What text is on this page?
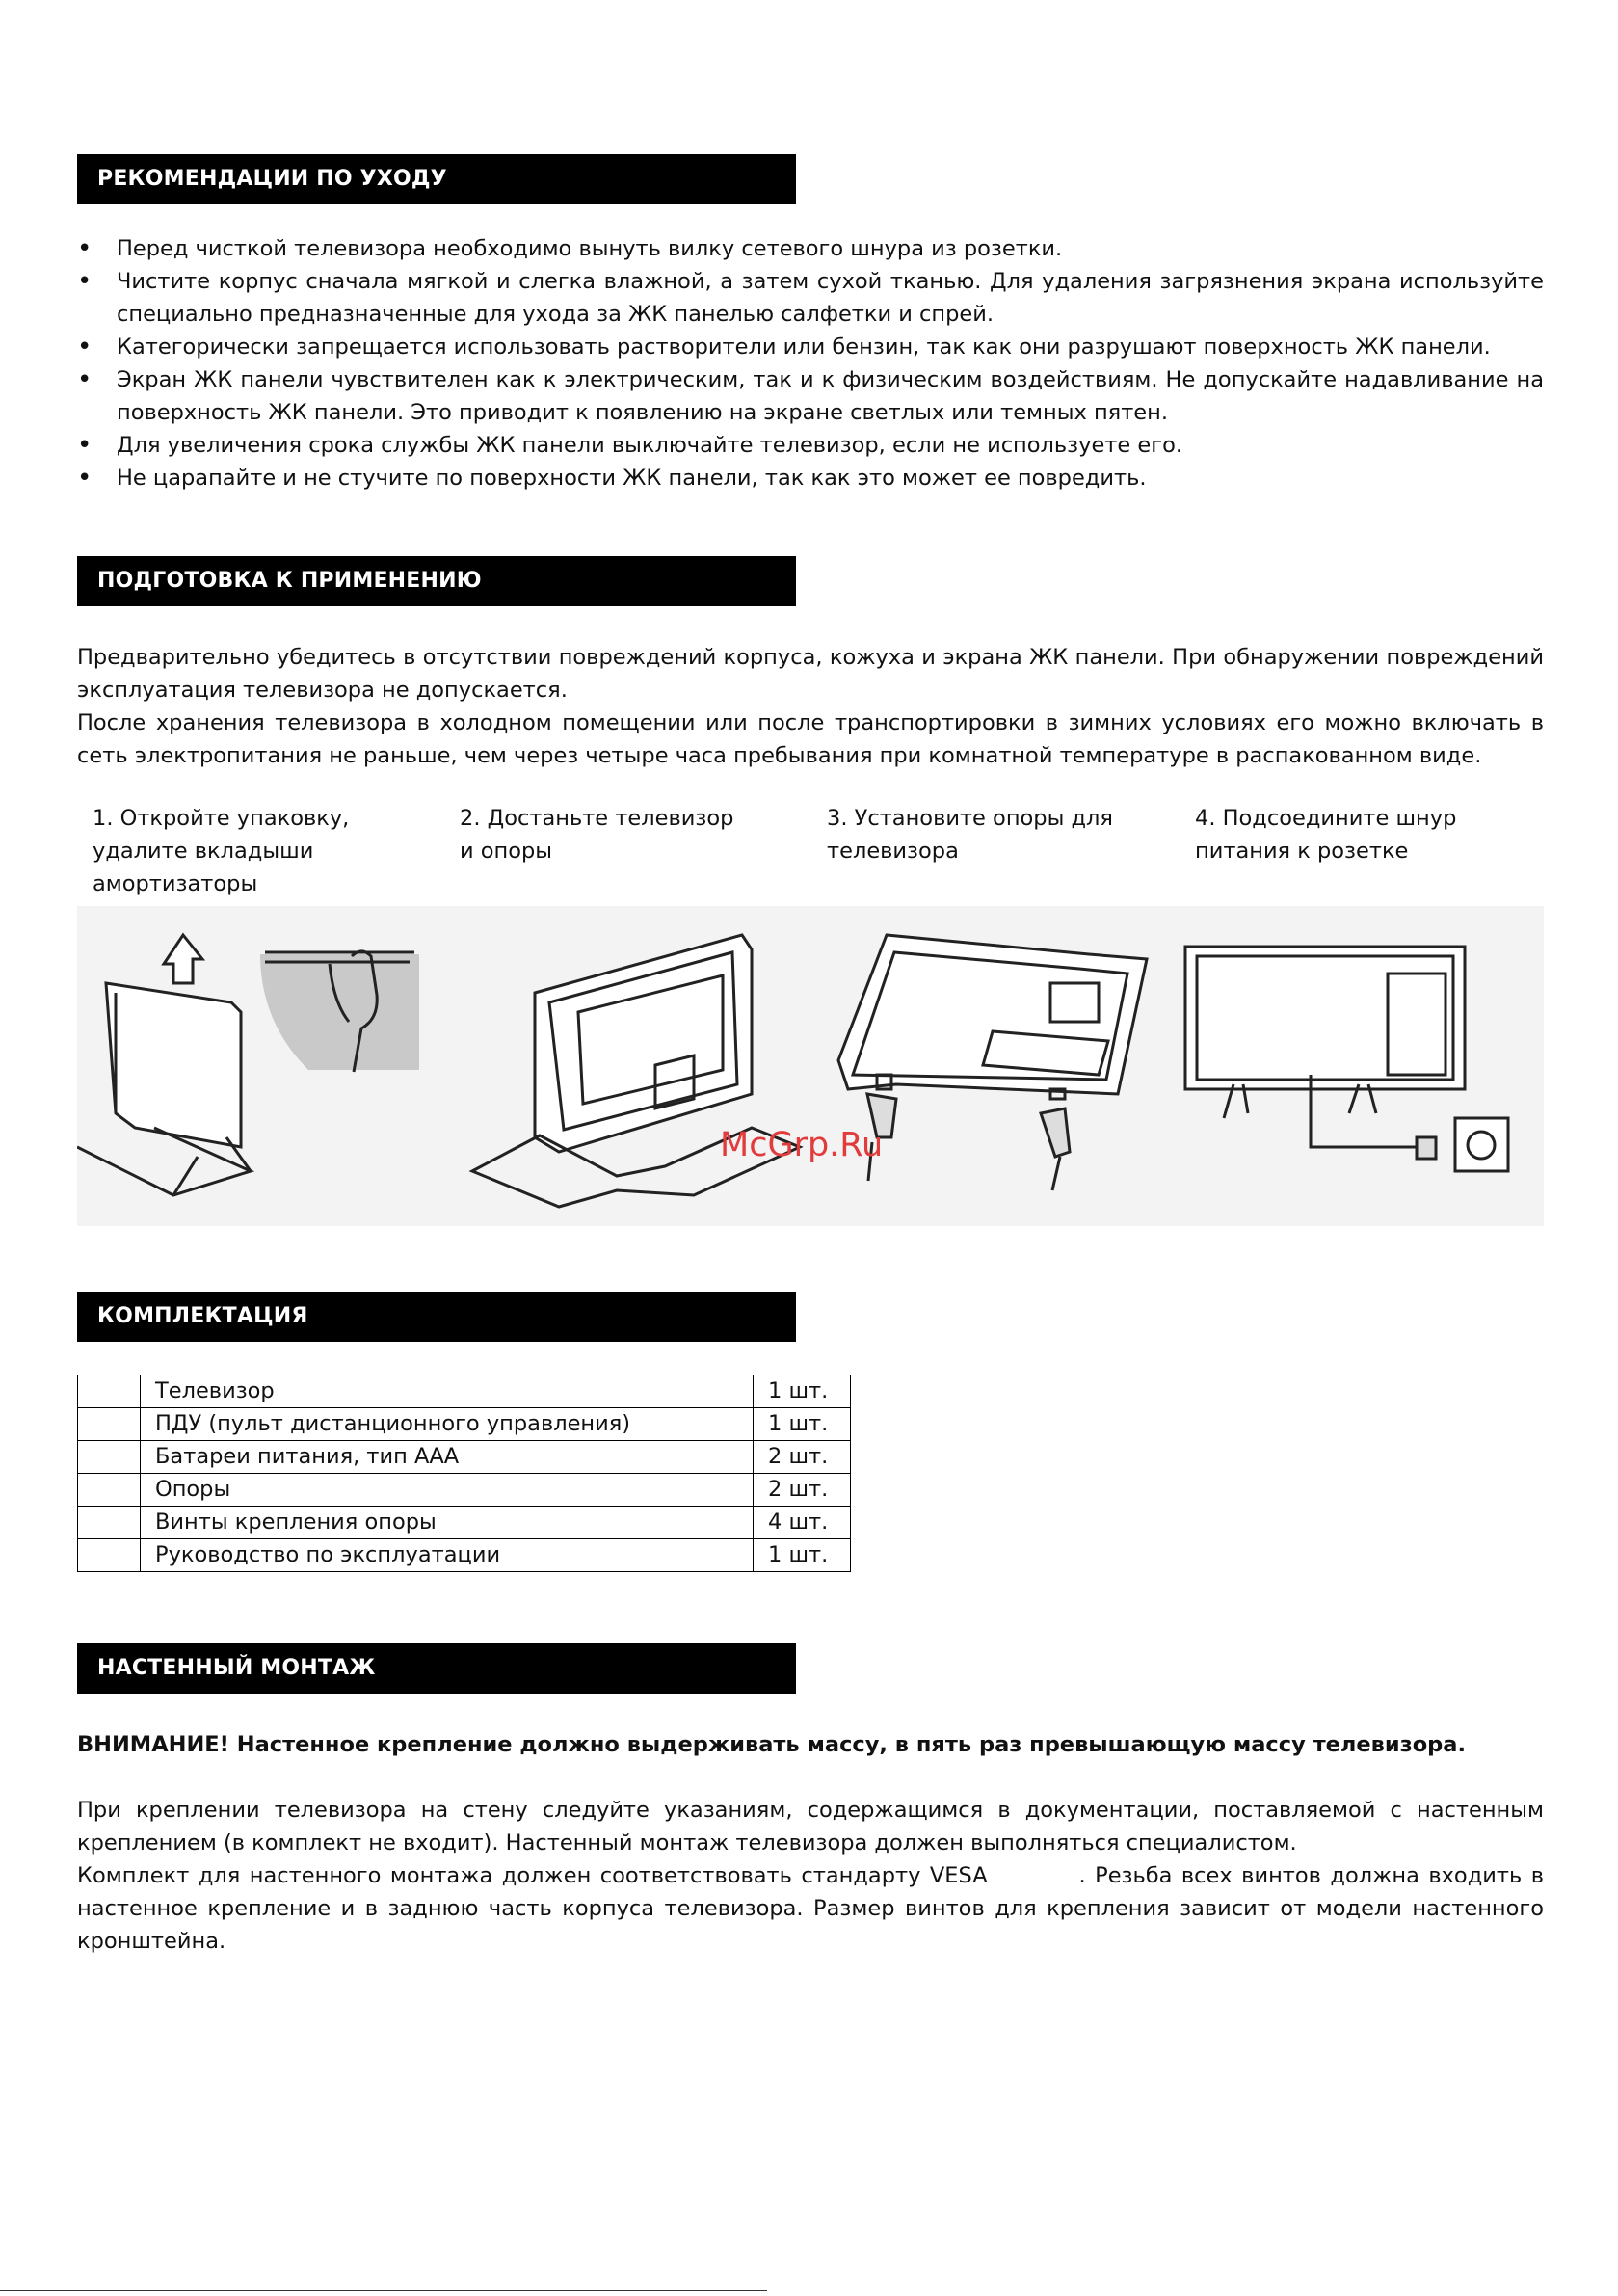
РЕКОМЕНДАЦИИ ПО УХОДУ
• Перед чисткой телевизора необходимо вынуть вилку сетевого шнура из розетки.
• Чистите корпус сначала мягкой и слегка влажной, а затем сухой тканью. Для удаления загрязнения экрана используйте специально предназначенные для ухода за ЖК панелью салфетки и спрей.
• Категорически запрещается использовать растворители или бензин, так как они разрушают поверхность ЖК панели.
• Экран ЖК панели чувствителен как к электрическим, так и к физическим воздействиям. Не допускайте надавливание на поверхность ЖК панели. Это приводит к появлению на экране светлых или темных пятен.
• Для увеличения срока службы ЖК панели выключайте телевизор, если не используете его.
• Не царапайте и не стучите по поверхности ЖК панели, так как это может ее повредить.
ПОДГОТОВКА К ПРИМЕНЕНИЮ

Предварительно убедитесь в отсутствии повреждений корпуса, кожуха и экрана ЖК панели. При обнаружении повреждений эксплуатация телевизора не допускается.

После хранения телевизора в холодном помещении или после транспортировки в зимних условиях его можно включать в сеть электропитания не раньше, чем через четыре часа пребывания при комнатной температуре в распакованном виде.

1. Откройте упаковку,
удалите вкладыши
амортизаторы
2. Достаньте телевизор
и опоры
3. Установите опоры для
телевизора
4. Подсоедините шнур
питания к розетке
McGrp.Ru
КОМПЛЕКТАЦИЯ
	Телевизор	1 шт.
	ПДУ (пульт дистанционного управления)	1 шт.
	Батареи питания, тип ААА	2 шт.
	Опоры	2 шт.
	Винты крепления опоры	4 шт.
	Руководство по эксплуатации	1 шт.
НАСТЕННЫЙ МОНТАЖ
ВНИМАНИЕ! Настенное крепление должно выдерживать массу, в пять раз превышающую массу телевизора.

При креплении телевизора на стену следуйте указаниям, содержащимся в документации, поставляемой с настенным креплением (в комплект не входит). Настенный монтаж телевизора должен выполняться специалистом.

Комплект для настенного монтажа должен соответствовать стандарту VESA          . Резьба всех винтов должна входить в настенное крепление и в заднюю часть корпуса телевизора. Размер винтов для крепления зависит от модели настенного кронштейна.
